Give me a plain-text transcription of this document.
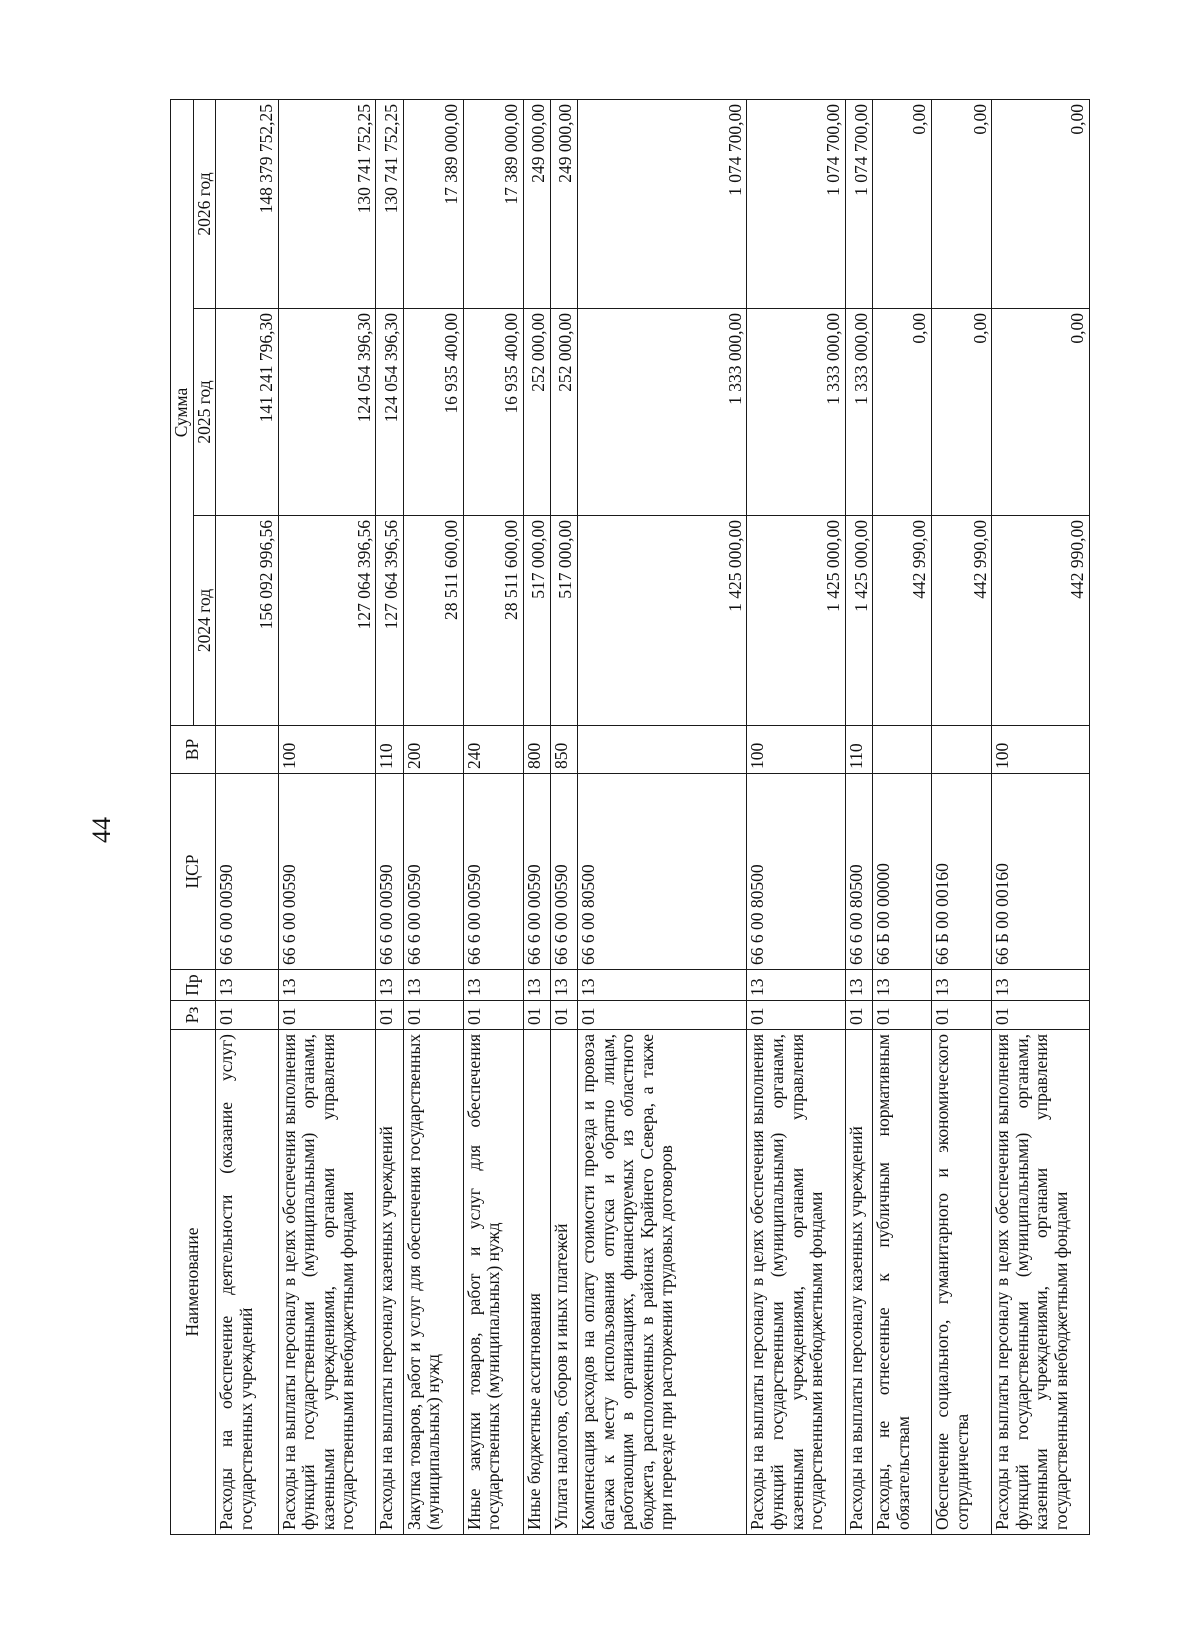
44
Наименование	Рз	Пр	ЦСР	ВР	Сумма		
					2024 год	2025 год	2026 год
Расходы на обеспечение деятельности (оказание услуг) государственных учреждений	01	13	66 6 00 00590		156 092 996,56	141 241 796,30	148 379 752,25
Расходы на выплаты персоналу в целях обеспечения выполнения функций государственными (муниципальными) органами, казенными учреждениями, органами управления государственными внебюджетными фондами	01	13	66 6 00 00590	100	127 064 396,56	124 054 396,30	130 741 752,25
Расходы на выплаты персоналу казенных учреждений	01	13	66 6 00 00590	110	127 064 396,56	124 054 396,30	130 741 752,25
Закупка товаров, работ и услуг для обеспечения государственных (муниципальных) нужд	01	13	66 6 00 00590	200	28 511 600,00	16 935 400,00	17 389 000,00
Иные закупки товаров, работ и услуг для обеспечения государственных (муниципальных) нужд	01	13	66 6 00 00590	240	28 511 600,00	16 935 400,00	17 389 000,00
Иные бюджетные ассигнования	01	13	66 6 00 00590	800	517 000,00	252 000,00	249 000,00
Уплата налогов, сборов и иных платежей	01	13	66 6 00 00590	850	517 000,00	252 000,00	249 000,00
Компенсация расходов на оплату стоимости проезда и провоза багажа к месту использования отпуска и обратно лицам, работающим в организациях, финансируемых из областного бюджета, расположенных в районах Крайнего Севера, а также при переезде при расторжении трудовых договоров	01	13	66 6 00 80500		1 425 000,00	1 333 000,00	1 074 700,00
Расходы на выплаты персоналу в целях обеспечения выполнения функций государственными (муниципальными) органами, казенными учреждениями, органами управления государственными внебюджетными фондами	01	13	66 6 00 80500	100	1 425 000,00	1 333 000,00	1 074 700,00
Расходы на выплаты персоналу казенных учреждений	01	13	66 6 00 80500	110	1 425 000,00	1 333 000,00	1 074 700,00
Расходы, не отнесенные к публичным нормативным обязательствам	01	13	66 Б 00 00000		442 990,00	0,00	0,00
Обеспечение социального, гуманитарного и экономического сотрудничества	01	13	66 Б 00 00160		442 990,00	0,00	0,00
Расходы на выплаты персоналу в целях обеспечения выполнения функций государственными (муниципальными) органами, казенными учреждениями, органами управления государственными внебюджетными фондами	01	13	66 Б 00 00160	100	442 990,00	0,00	0,00
